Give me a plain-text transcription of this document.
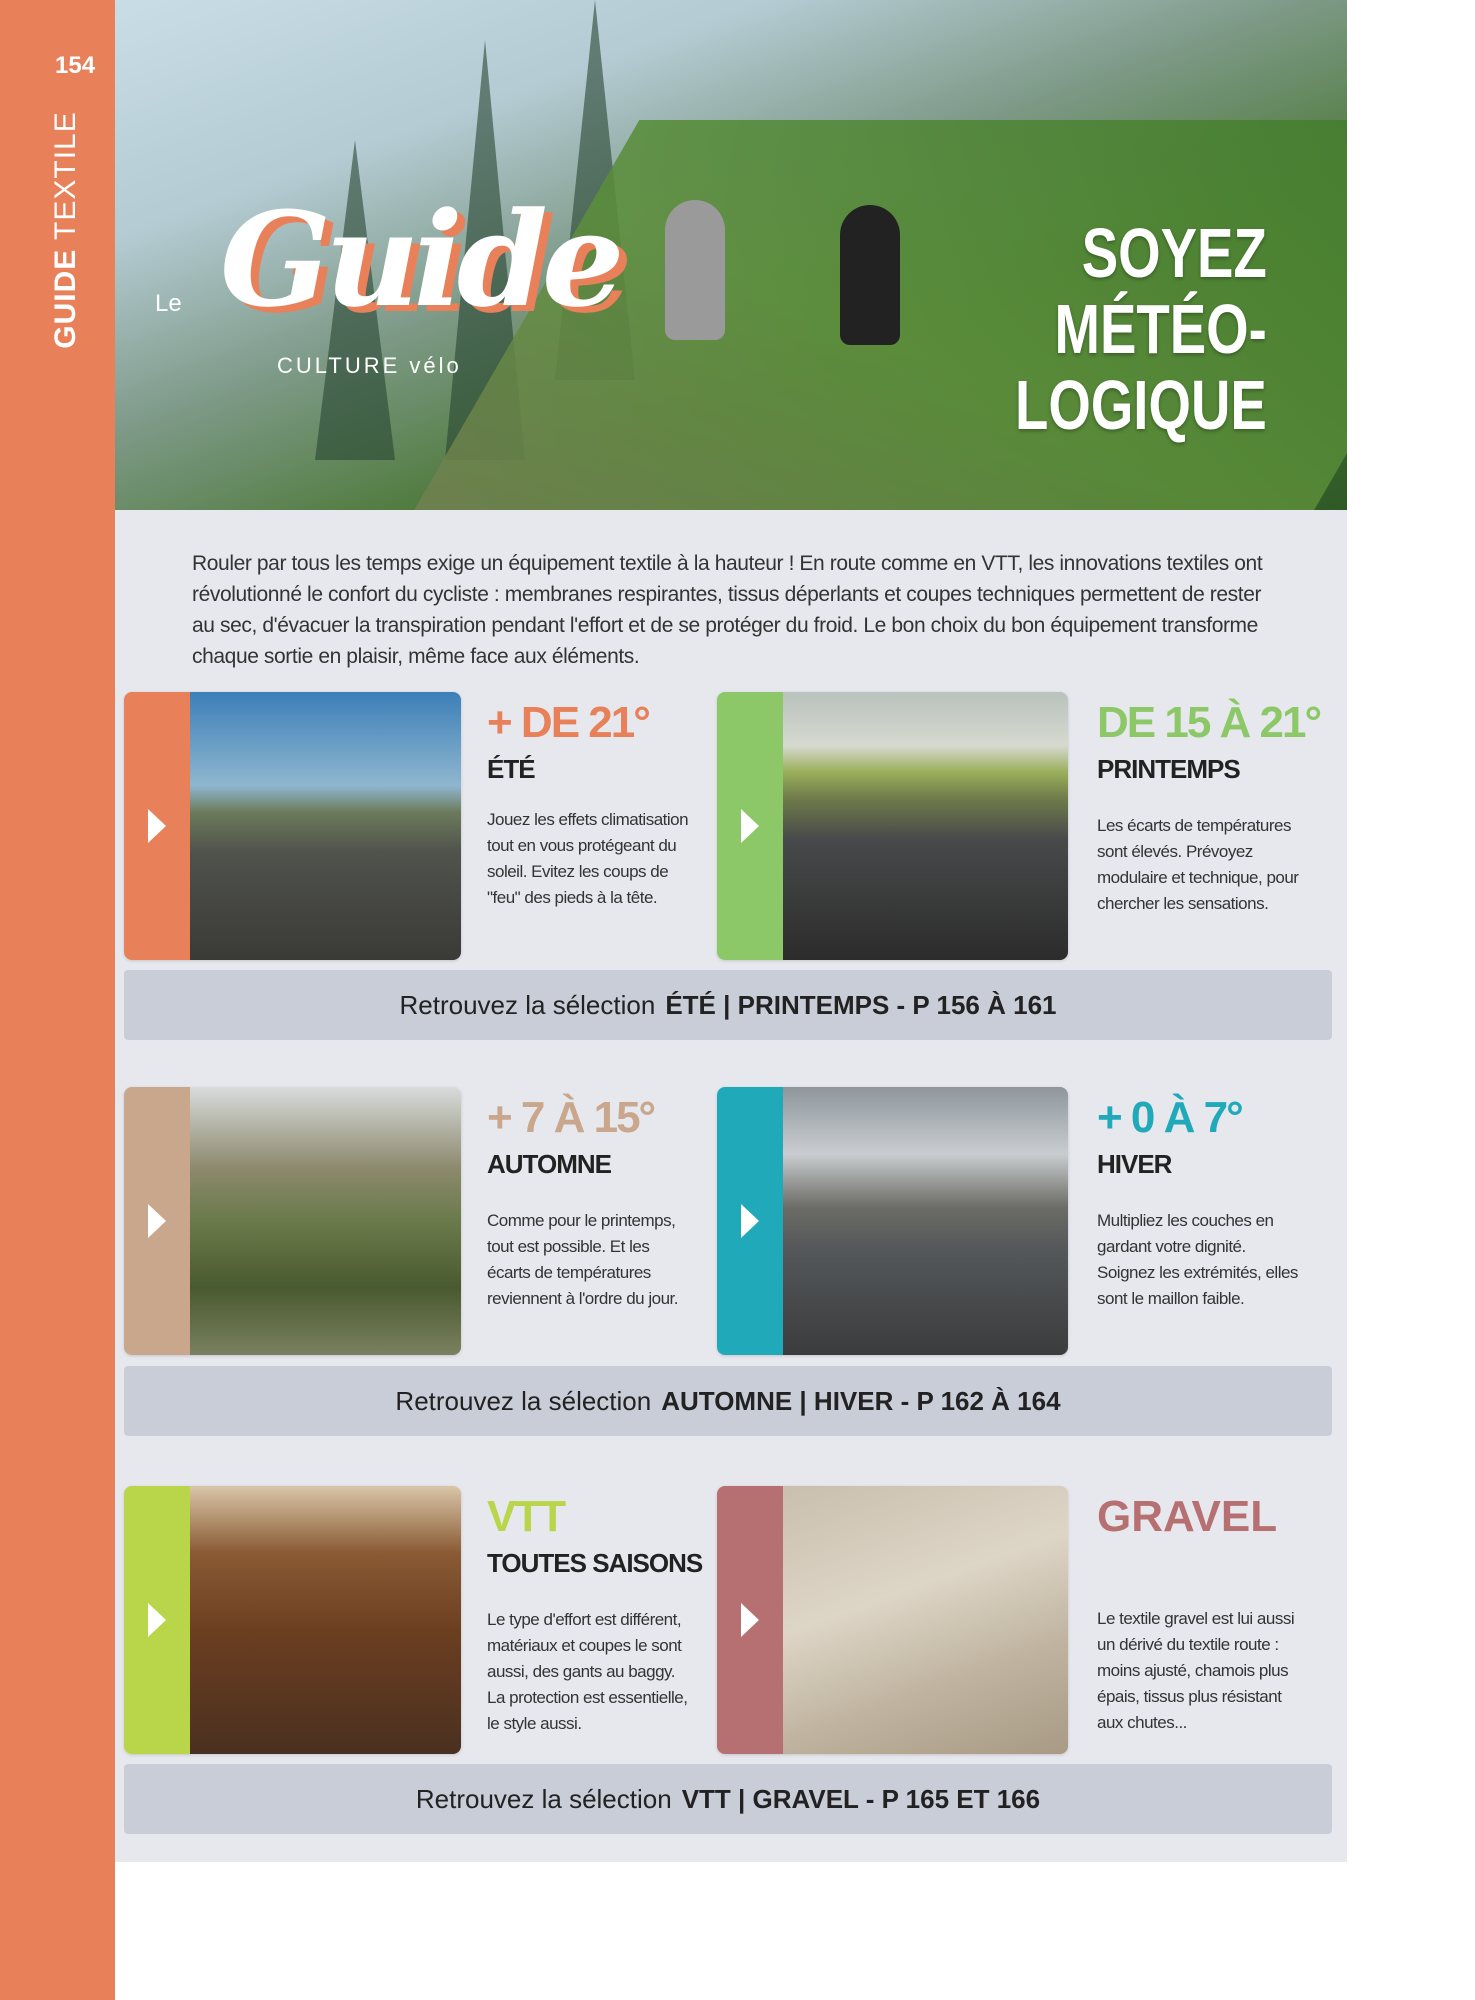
154
GUIDE TEXTILE
Guide
Le
CULTURE vélo
SOYEZ
MÉTÉO-
LOGIQUE

Rouler par tous les temps exige un équipement textile à la hauteur ! En route comme en VTT, les innovations textiles ont révolutionné le confort du cycliste : membranes respirantes, tissus déperlants et coupes techniques permettent de rester au sec, d'évacuer la transpiration pendant l'effort et de se protéger du froid. Le bon choix du bon équipement transforme chaque sortie en plaisir, même face aux éléments.

+ DE 21°
ÉTÉ
Jouez les effets climatisation tout en vous protégeant du soleil. Evitez les coups de "feu" des pieds à la tête.
DE 15 À 21°
PRINTEMPS
Les écarts de températures sont élevés. Prévoyez modulaire et technique, pour chercher les sensations.
Retrouvez la sélection ÉTÉ | PRINTEMPS - P 156 À 161
+ 7 À 15°
AUTOMNE
Comme pour le printemps, tout est possible. Et les écarts de températures reviennent à l'ordre du jour.
+ 0 À 7°
HIVER
Multipliez les couches en gardant votre dignité. Soignez les extrémités, elles sont le maillon faible.
Retrouvez la sélection AUTOMNE | HIVER - P 162 À 164
VTT
TOUTES SAISONS
Le type d'effort est différent, matériaux et coupes le sont aussi, des gants au baggy. La protection est essentielle, le style aussi.
GRAVEL
Le textile gravel est lui aussi un dérivé du textile route : moins ajusté, chamois plus épais, tissus plus résistant aux chutes...
Retrouvez la sélection VTT | GRAVEL - P 165 ET 166
